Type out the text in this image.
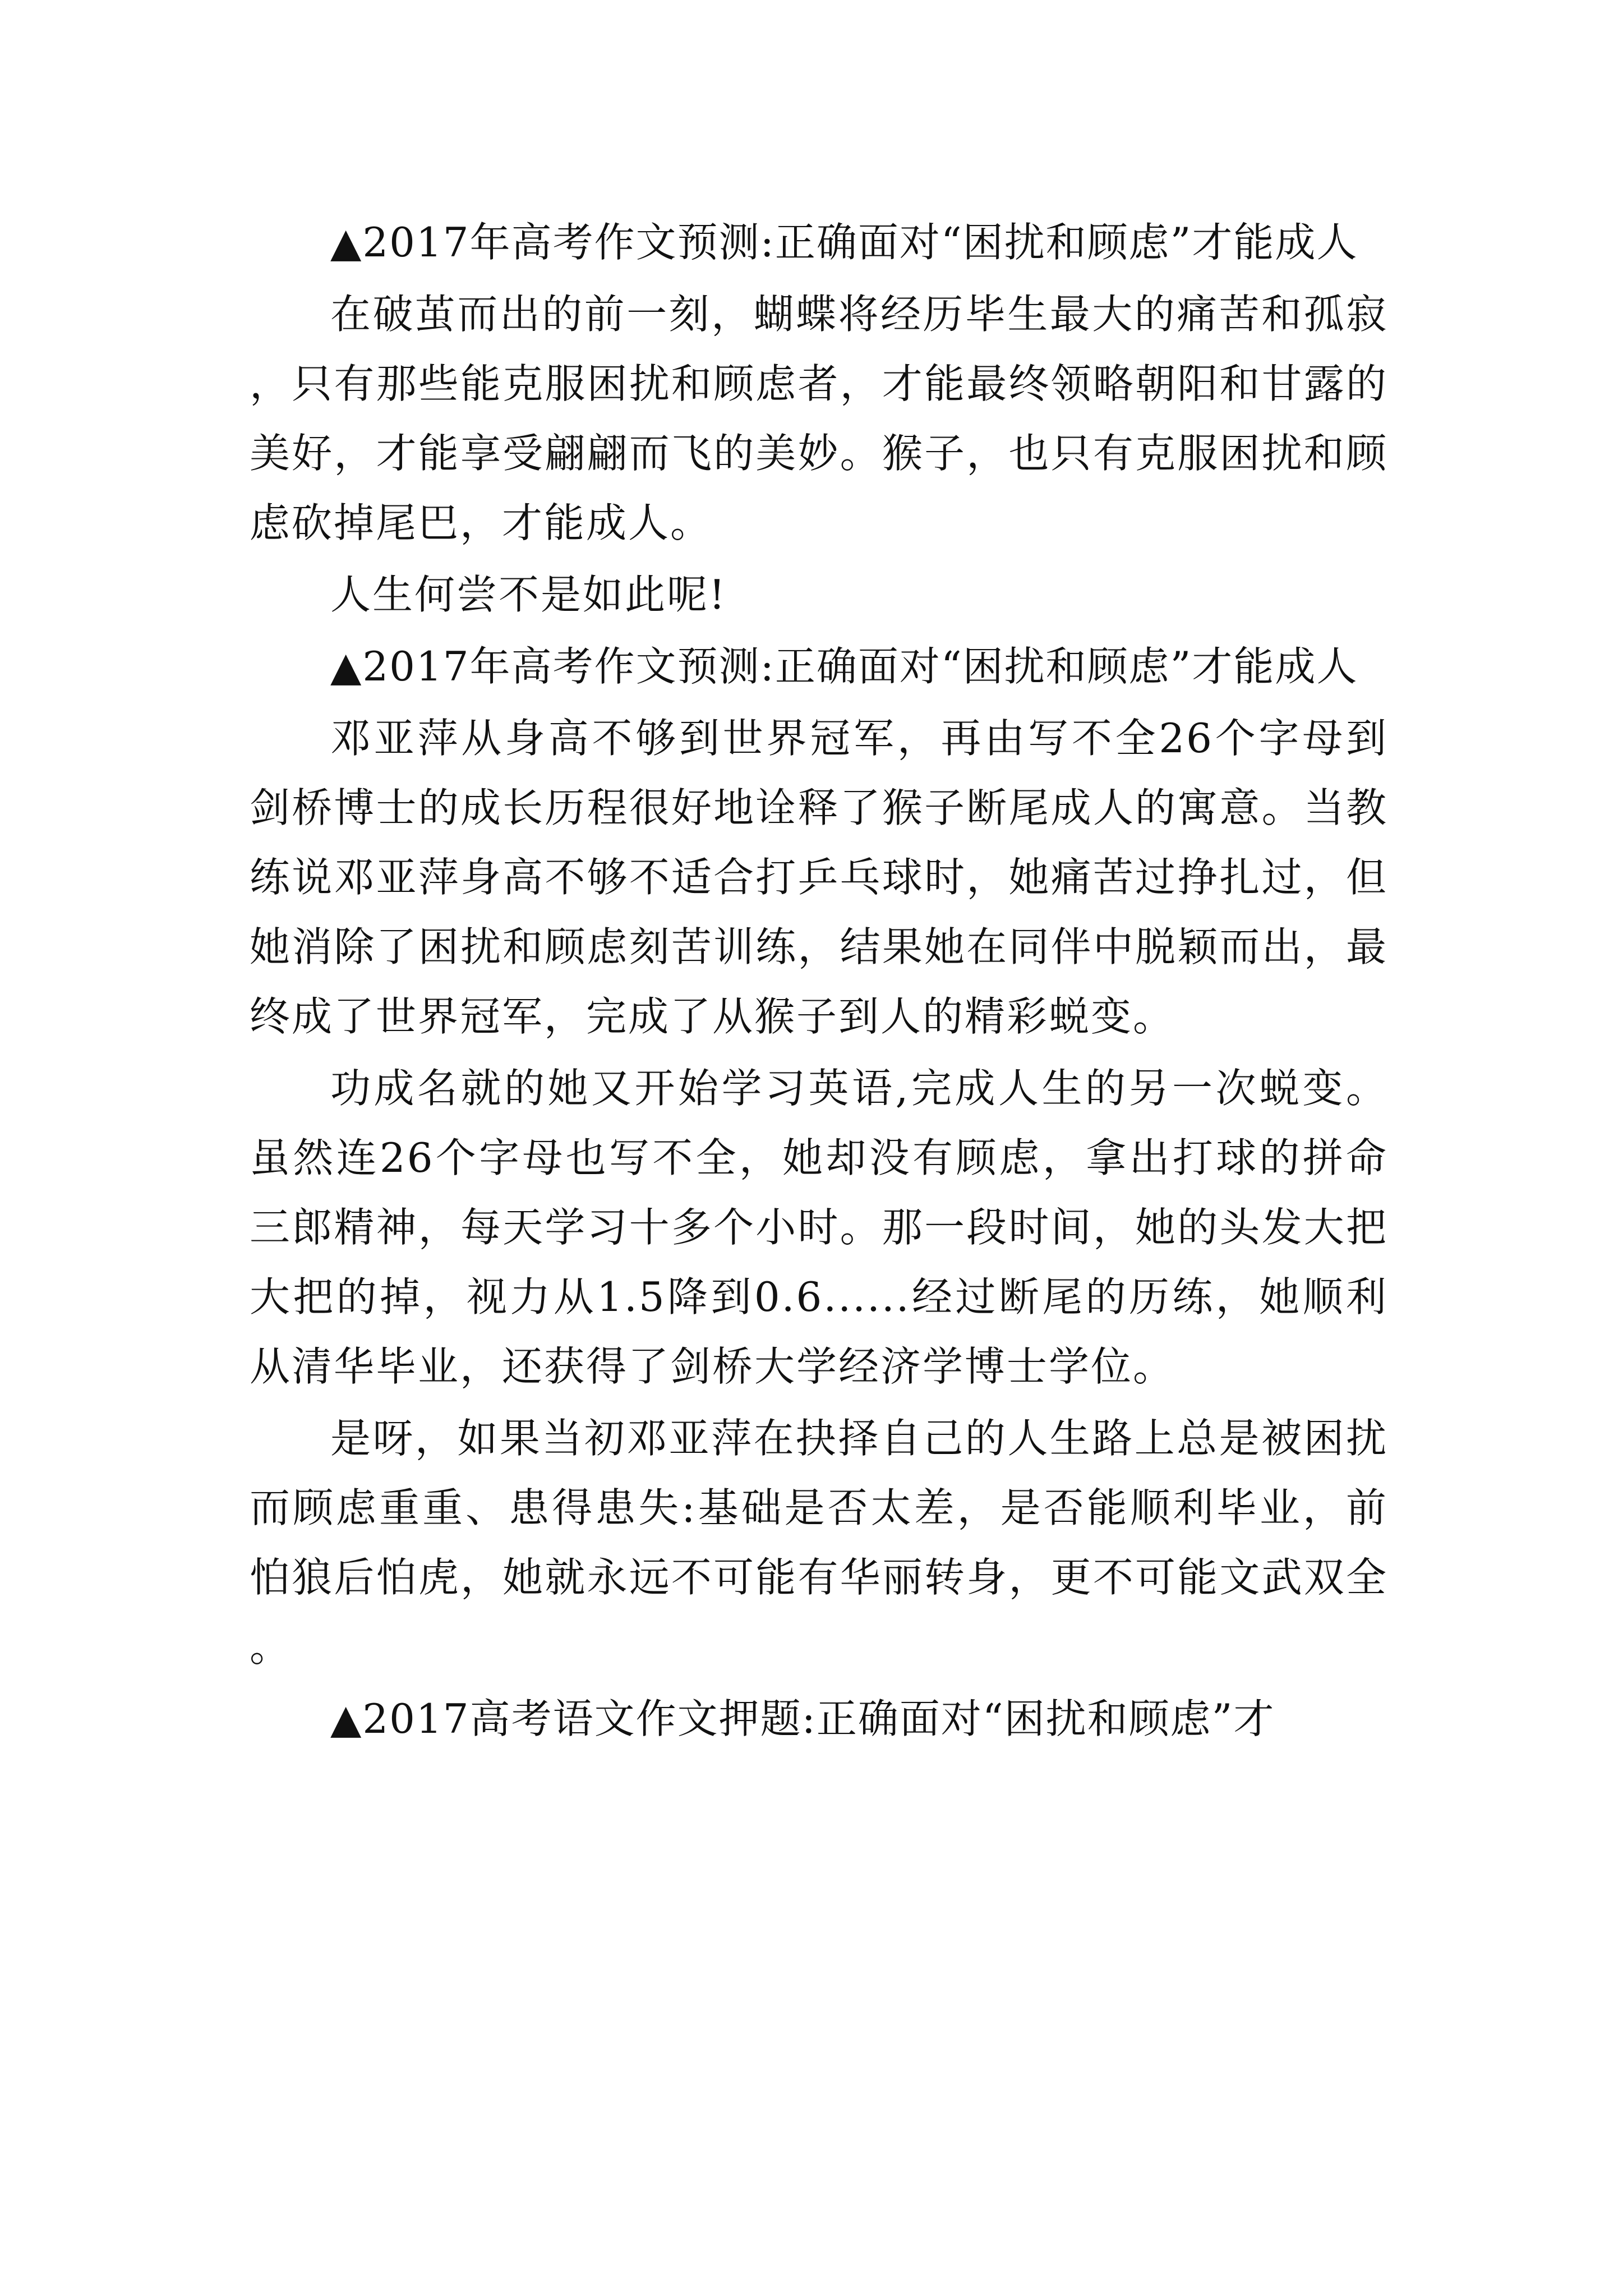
▲2017年高考作文预测:正确面对“困扰和顾虑”才能成人

在破茧而出的前一刻，蝴蝶将经历毕生最大的痛苦和孤寂，只有那些能克服困扰和顾虑者，才能最终领略朝阳和甘露的美好，才能享受翩翩而飞的美妙。猴子，也只有克服困扰和顾虑砍掉尾巴，才能成人。

人生何尝不是如此呢!

▲2017年高考作文预测:正确面对“困扰和顾虑”才能成人

邓亚萍从身高不够到世界冠军，再由写不全26个字母到剑桥博士的成长历程很好地诠释了猴子断尾成人的寓意。当教练说邓亚萍身高不够不适合打乒乓球时，她痛苦过挣扎过，但她消除了困扰和顾虑刻苦训练，结果她在同伴中脱颖而出，最终成了世界冠军，完成了从猴子到人的精彩蜕变。

功成名就的她又开始学习英语,完成人生的另一次蜕变。虽然连26个字母也写不全，她却没有顾虑，拿出打球的拼命三郎精神，每天学习十多个小时。那一段时间，她的头发大把大把的掉，视力从1.5降到0.6......经过断尾的历练，她顺利从清华毕业，还获得了剑桥大学经济学博士学位。

是呀，如果当初邓亚萍在抉择自己的人生路上总是被困扰而顾虑重重、患得患失:基础是否太差，是否能顺利毕业，前怕狼后怕虎，她就永远不可能有华丽转身，更不可能文武双全。

▲2017高考语文作文押题:正确面对“困扰和顾虑”才
